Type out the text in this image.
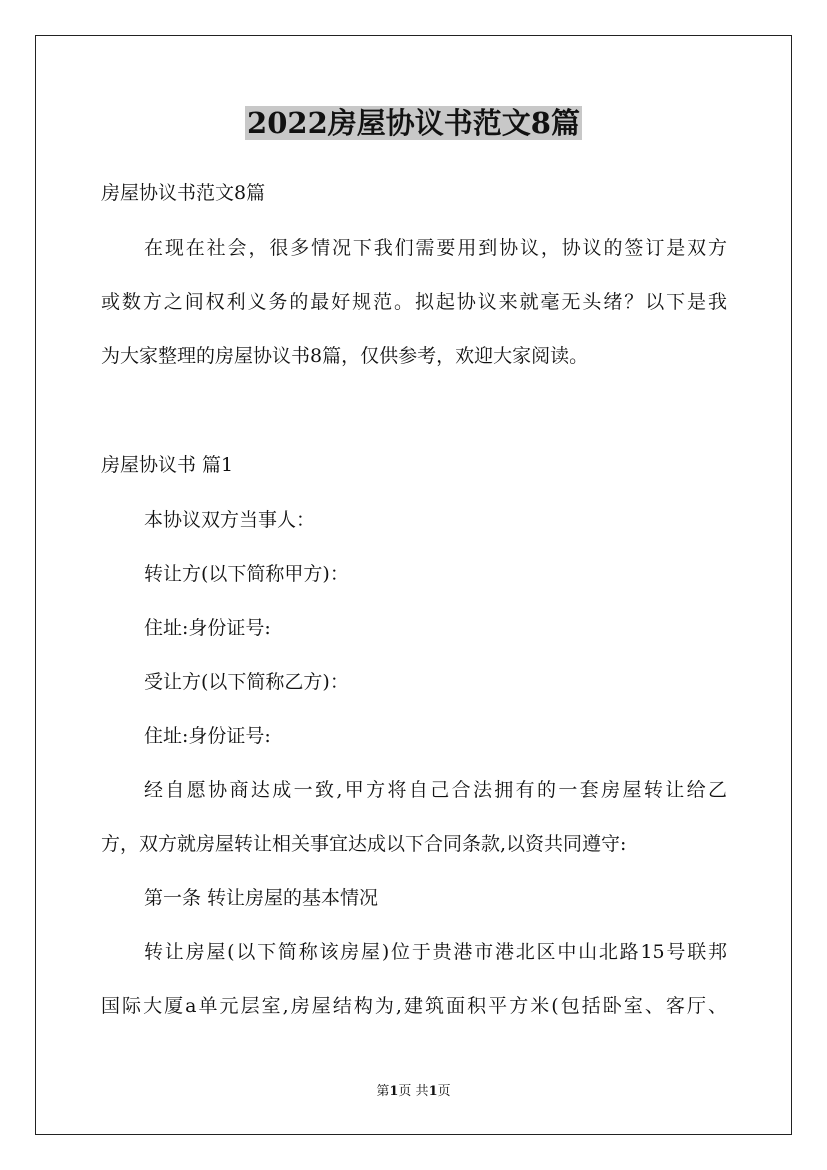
2022房屋协议书范文8篇
房屋协议书范文8篇
在现在社会，很多情况下我们需要用到协议，协议的签订是双方
或数方之间权利义务的最好规范。拟起协议来就毫无头绪？以下是我
为大家整理的房屋协议书8篇，仅供参考，欢迎大家阅读。
房屋协议书 篇1
本协议双方当事人：
转让方(以下简称甲方)：
住址:身份证号:
受让方(以下简称乙方)：
住址:身份证号:
经自愿协商达成一致,甲方将自己合法拥有的一套房屋转让给乙
方，双方就房屋转让相关事宜达成以下合同条款,以资共同遵守:
第一条 转让房屋的基本情况
转让房屋(以下简称该房屋)位于贵港市港北区中山北路15号联邦
国际大厦a单元层室,房屋结构为,建筑面积平方米(包括卧室、客厅、
第1页 共1页
